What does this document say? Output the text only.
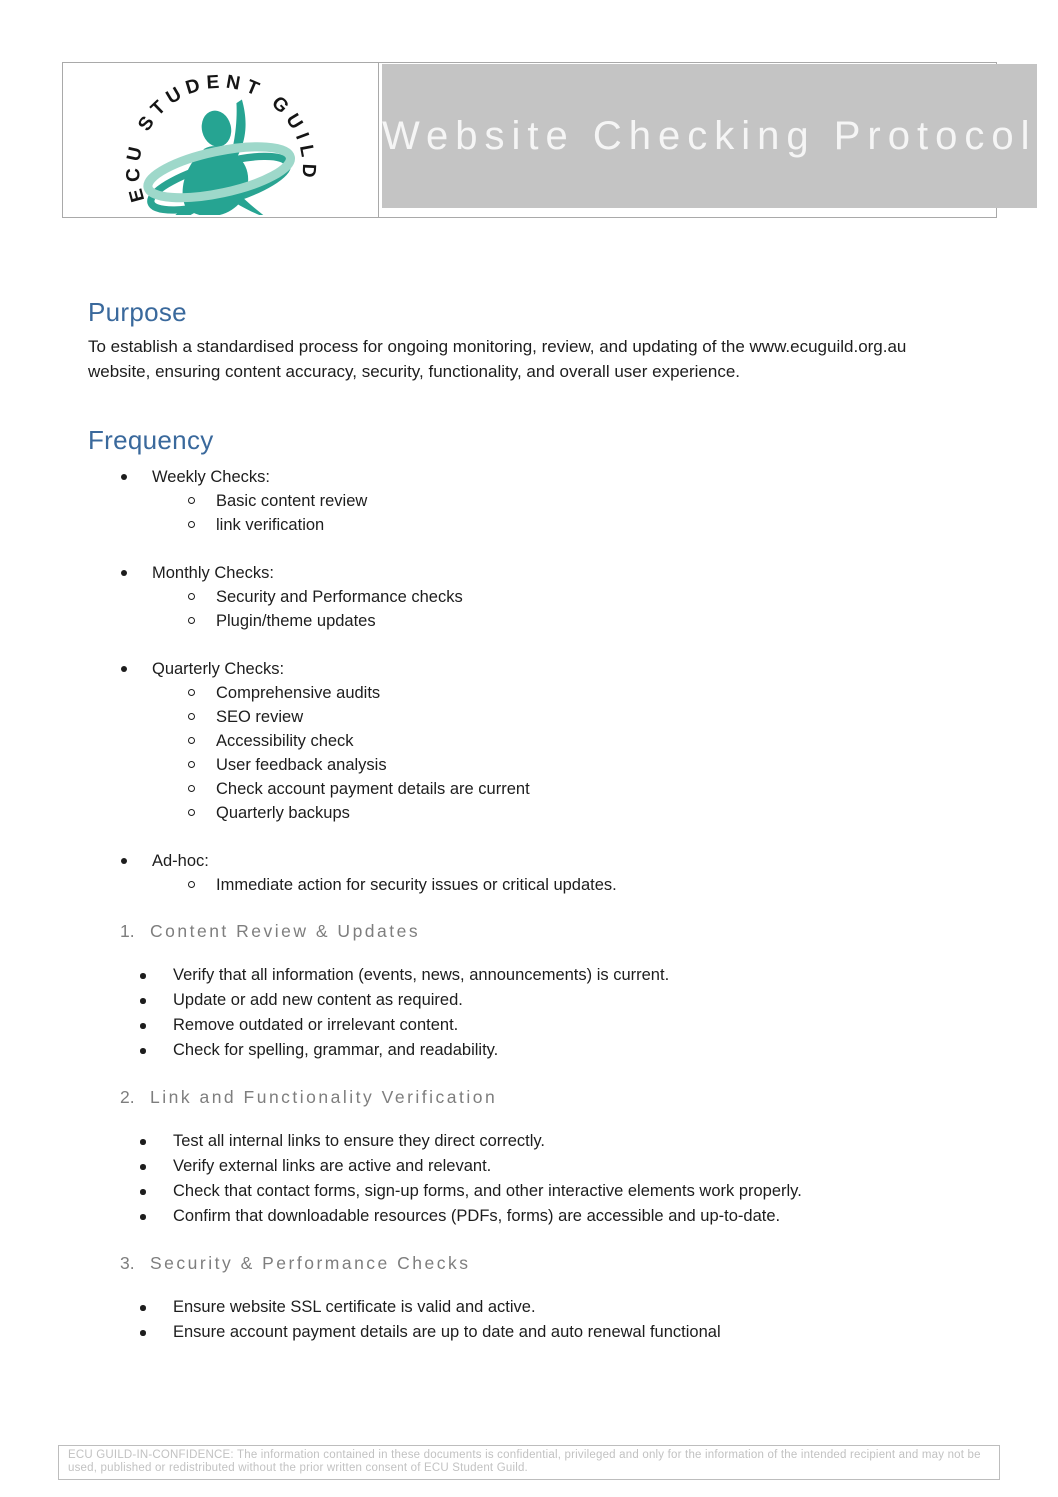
ECU STUDENT GUILD
Website Checking Protocol
Purpose

To establish a standardised process for ongoing monitoring, review, and updating of the www.ecuguild.org.au website, ensuring content accuracy, security, functionality, and overall user experience.

Frequency
Weekly Checks:
Basic content review
link verification
Monthly Checks:
Security and Performance checks
Plugin/theme updates
Quarterly Checks:
Comprehensive audits
SEO review
Accessibility check
User feedback analysis
Check account payment details are current
Quarterly backups
Ad-hoc:
Immediate action for security issues or critical updates.
1. Content Review & Updates
Verify that all information (events, news, announcements) is current.
Update or add new content as required.
Remove outdated or irrelevant content.
Check for spelling, grammar, and readability.
2. Link and Functionality Verification
Test all internal links to ensure they direct correctly.
Verify external links are active and relevant.
Check that contact forms, sign-up forms, and other interactive elements work properly.
Confirm that downloadable resources (PDFs, forms) are accessible and up-to-date.
3. Security & Performance Checks
Ensure website SSL certificate is valid and active.
Ensure account payment details are up to date and auto renewal functional
ECU GUILD-IN-CONFIDENCE: The information contained in these documents is confidential, privileged and only for the information of the intended recipient and may not be used, published or redistributed without the prior written consent of ECU Student Guild.
